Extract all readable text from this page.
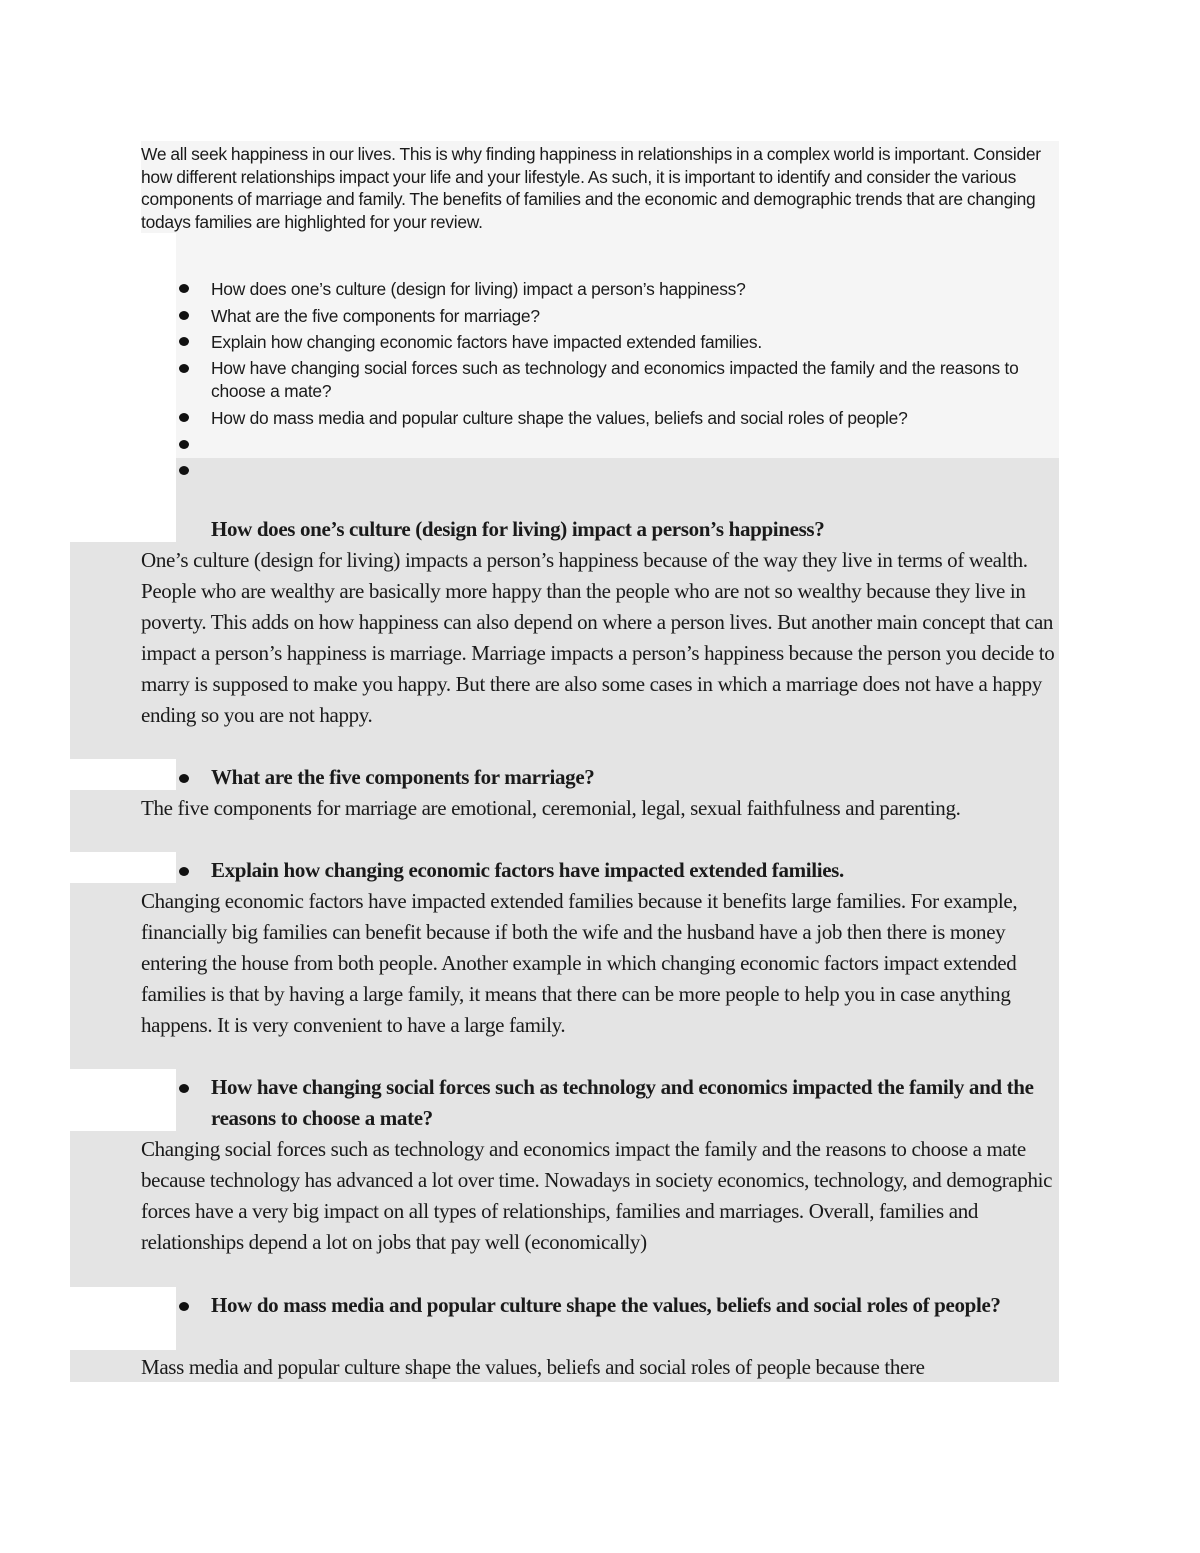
We all seek happiness in our lives. This is why finding happiness in relationships in a complex world is important. Consider how different relationships impact your life and your lifestyle. As such, it is important to identify and consider the various components of marriage and family. The benefits of families and the economic and demographic trends that are changing todays families are highlighted for your review.
How does one’s culture (design for living) impact a person’s happiness?
What are the five components for marriage?
Explain how changing economic factors have impacted extended families.
How have changing social forces such as technology and economics impacted the family and the reasons to choose a mate?
How do mass media and popular culture shape the values, beliefs and social roles of people?
How does one’s culture (design for living) impact a person’s happiness?

One’s culture (design for living) impacts a person’s happiness because of the way they live in terms of wealth. People who are wealthy are basically more happy than the people who are not so wealthy because they live in poverty. This adds on how happiness can also depend on where a person lives. But another main concept that can impact a person’s happiness is marriage. Marriage impacts a person’s happiness because the person you decide to marry is supposed to make you happy. But there are also some cases in which a marriage does not have a happy ending so you are not happy.

What are the five components for marriage?

The five components for marriage are emotional, ceremonial, legal, sexual faithfulness and parenting.

Explain how changing economic factors have impacted extended families.

Changing economic factors have impacted extended families because it benefits large families. For example, financially big families can benefit because if both the wife and the husband have a job then there is money entering the house from both people. Another example in which changing economic factors impact extended families is that by having a large family, it means that there can be more people to help you in case anything happens. It is very convenient to have a large family.

How have changing social forces such as technology and economics impacted the family and the reasons to choose a mate?

Changing social forces such as technology and economics impact the family and the reasons to choose a mate because technology has advanced a lot over time. Nowadays in society economics, technology, and demographic forces have a very big impact on all types of relationships, families and marriages. Overall, families and relationships depend a lot on jobs that pay well (economically)

How do mass media and popular culture shape the values, beliefs and social roles of people?

Mass media and popular culture shape the values, beliefs and social roles of people because there
